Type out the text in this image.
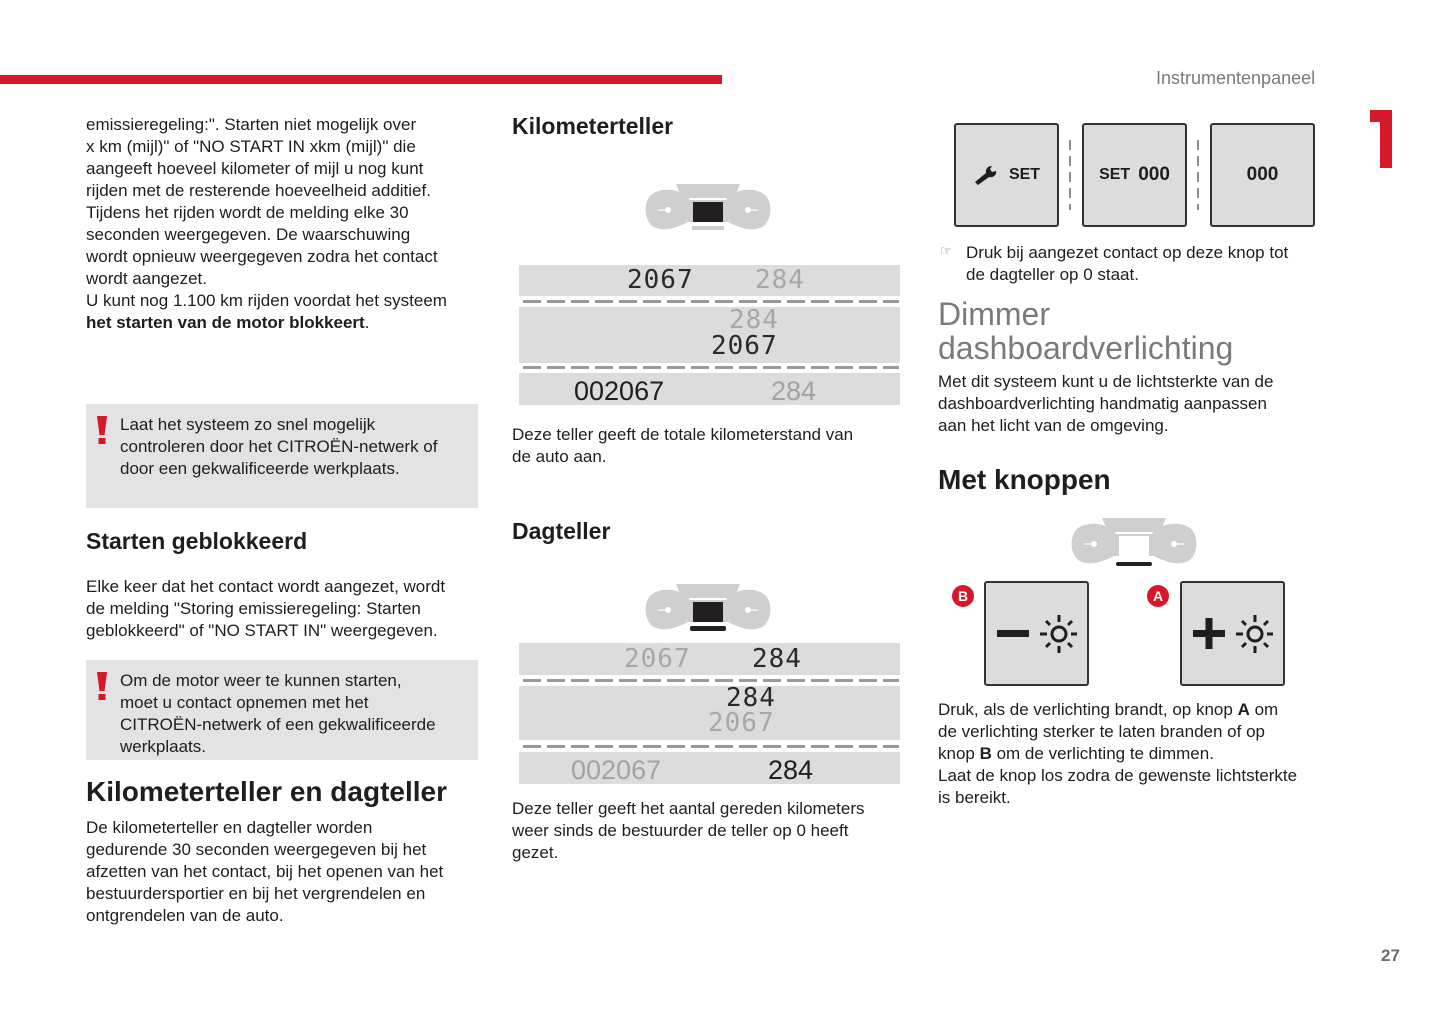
Instrumentenpaneel
emissieregeling:". Starten niet mogelijk over
x km (mijl)" of "NO START IN xkm (mijl)" die
aangeeft hoeveel kilometer of mijl u nog kunt
rijden met de resterende hoeveelheid additief.
Tijdens het rijden wordt de melding elke 30
seconden weergegeven. De waarschuwing
wordt opnieuw weergegeven zodra het contact
wordt aangezet.
U kunt nog 1.100 km rijden voordat het systeem
het starten van de motor blokkeert.
Laat het systeem zo snel mogelijk
controleren door het CITROËN-netwerk of
door een gekwalificeerde werkplaats.
Starten geblokkeerd
Elke keer dat het contact wordt aangezet, wordt
de melding "Storing emissieregeling: Starten
geblokkeerd" of "NO START IN" weergegeven.
Om de motor weer te kunnen starten,
moet u contact opnemen met het
CITROËN-netwerk of een gekwalificeerde
werkplaats.
Kilometerteller en dagteller
De kilometerteller en dagteller worden
gedurende 30 seconden weergegeven bij het
afzetten van het contact, bij het openen van het
bestuurdersportier en bij het vergrendelen en
ontgrendelen van de auto.
Kilometerteller
2067 284
284
2067
002067	284
Deze teller geeft de totale kilometerstand van
de auto aan.
Dagteller
2067 284
284
2067
002067	284
Deze teller geeft het aantal gereden kilometers
weer sinds de bestuurder de teller op 0 heeft
gezet.
SET	SET 000	000
☞ Druk bij aangezet contact op deze knop tot
de dagteller op 0 staat.
Dimmer
dashboardverlichting
Met dit systeem kunt u de lichtsterkte van de
dashboardverlichting handmatig aanpassen
aan het licht van de omgeving.
Met knoppen
B	A
Druk, als de verlichting brandt, op knop A om
de verlichting sterker te laten branden of op
knop B om de verlichting te dimmen.
Laat de knop los zodra de gewenste lichtsterkte
is bereikt.
27
